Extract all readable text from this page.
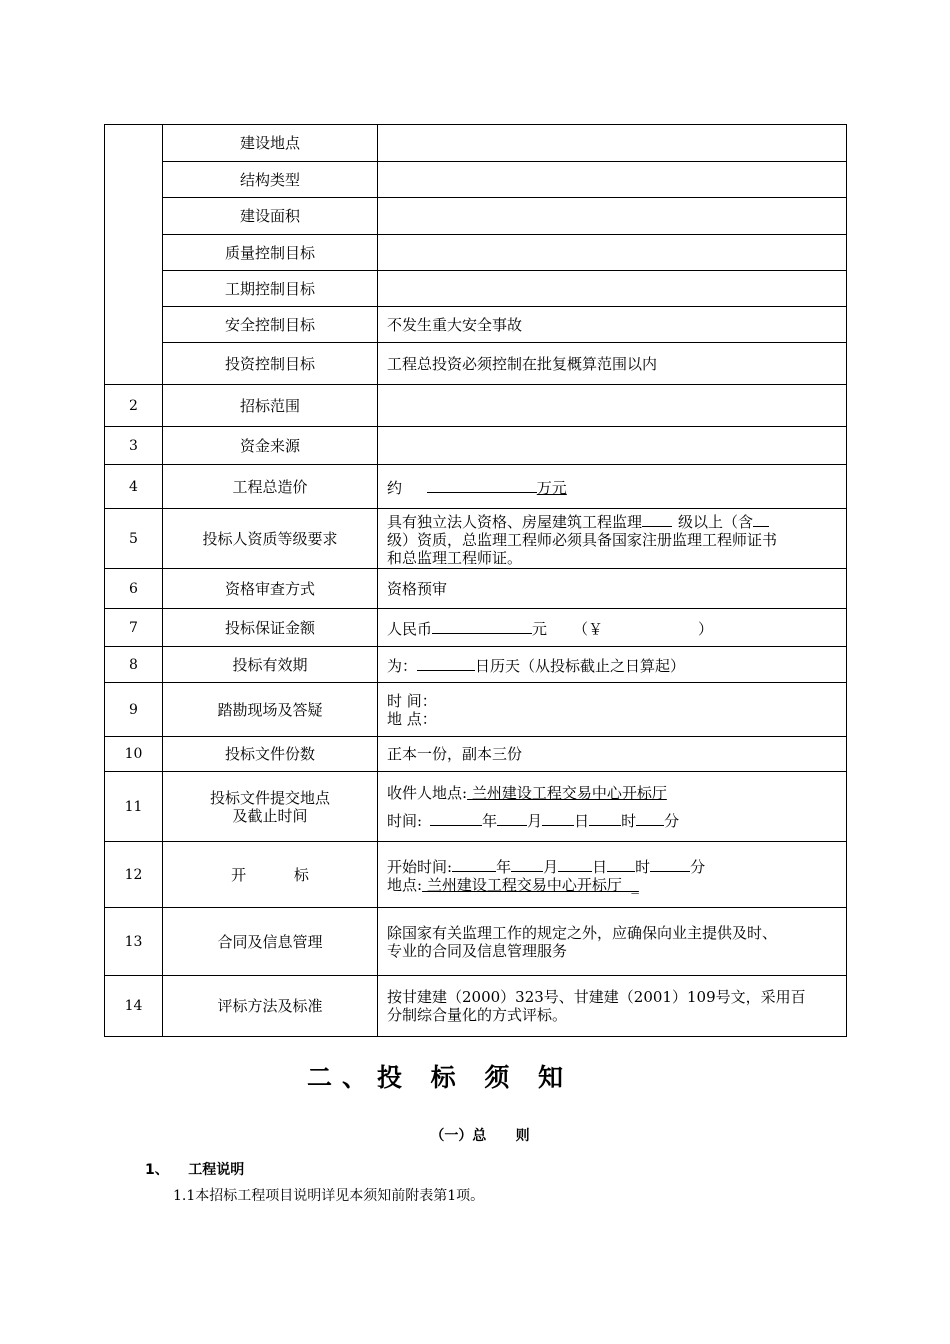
	建设地点	
	结构类型	
	建设面积	
	质量控制目标	
	工期控制目标	
	安全控制目标	不发生重大安全事故
	投资控制目标	工程总投资必须控制在批复概算范围以内
2	招标范围	
3	资金来源	
4	工程总造价	约 万元
5	投标人资质等级要求	具有独立法人资格、房屋建筑工程监理 级以上（含
级）资质，总监理工程师必须具备国家注册监理工程师证书
和总监理工程师证。

6	资格审查方式	资格预审
7	投标保证金额	人民币 元 （￥ ）
8	投标有效期	为： 日历天（从投标截止之日算起）
9	踏勘现场及答疑	时 间：
地 点：

10	投标文件份数	正本一份，副本三份
11	投标文件提交地点
及截止时间	收件人地点: 兰州建设工程交易中心开标厅
时间: 年 月 日 时 分

12	开          标	开始时间: 年 月 日 时 分
地点: 兰州建设工程交易中心开标厅  _

13	合同及信息管理	除国家有关监理工作的规定之外，应确保向业主提供及时、
专业的合同及信息管理服务

14	评标方法及标准	按甘建建（2000）323号、甘建建（2001）109号文，采用百
分制综合量化的方式评标。
二、投 标 须 知
（一）总      则
1、    工程说明
1.1本招标工程项目说明详见本须知前附表第1项。
